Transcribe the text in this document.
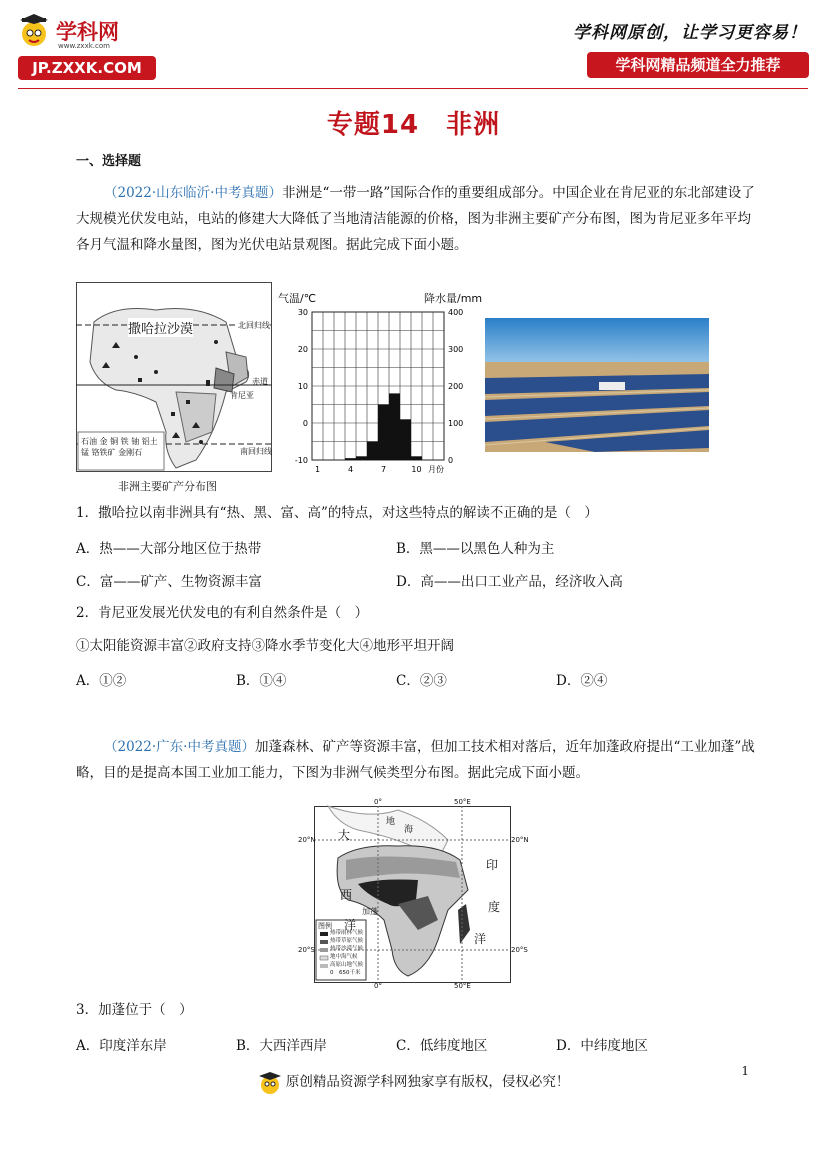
学科网
www.zxxk.com
JP.ZXXK.COM
学科网原创，让学习更容易！
学科网精品频道全力推荐
专题14　非洲
一、选择题
（2022·山东临沂·中考真题）非洲是“一带一路”国际合作的重要组成部分。中国企业在肯尼亚的东北部建设了大规模光伏发电站，电站的修建大大降低了当地清洁能源的价格，图为非洲主要矿产分布图，图为肯尼亚多年平均各月气温和降水量图，图为光伏电站景观图。据此完成下面小题。
撒哈拉沙漠	北回归线
赤道
肯尼亚
南回归线
石油 金 铜 铁 铀 铝土 锰 铬铁矿 金刚石
非洲主要矿产分布图
气温/℃	降水量/mm
30
20
10
0
-10
400
300
200
100
0
1	4	7	10 月份
1．撒哈拉以南非洲具有“热、黑、富、高”的特点，对这些特点的解读不正确的是（　）
A．热——大部分地区位于热带	B．黑——以黑色人种为主
C．富——矿产、生物资源丰富	D．高——出口工业产品，经济收入高
2．肯尼亚发展光伏发电的有利自然条件是（　）
①太阳能资源丰富②政府支持③降水季节变化大④地形平坦开阔
A．①②	B．①④	C．②③	D．②④
（2022·广东·中考真题）加蓬森林、矿产等资源丰富，但加工技术相对落后，近年加蓬政府提出“工业加蓬”战略，目的是提高本国工业加工能力，下图为非洲气候类型分布图。据此完成下面小题。
0°	50°E
0°	50°E
20°N	20°N
20°S	20°S
大
西
洋
印
度
洋
地
海
加蓬
图例
热带雨林气候
热带草原气候
热带沙漠气候
地中海气候
高原山地气候
0　650千米
3．加蓬位于（　）
A．印度洋东岸	B．大西洋西岸	C．低纬度地区	D．中纬度地区
1
原创精品资源学科网独家享有版权，侵权必究！
